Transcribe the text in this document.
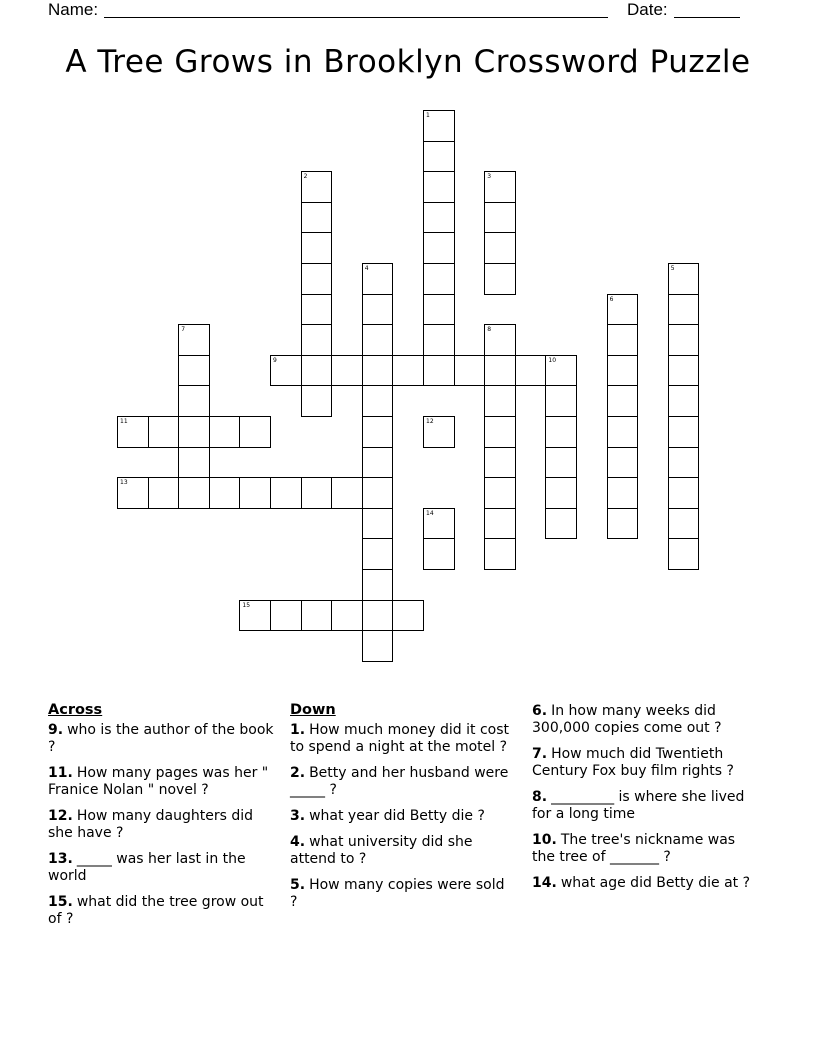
Name:	Date:
A Tree Grows in Brooklyn Crossword Puzzle
1
2	3
4	5
6
7	8
9	10
11	12
13
14
15
Across
9. who is the author of the book ?
11. How many pages was her " Franice Nolan " novel ?
12. How many daughters did she have ?
13. _____ was her last in the world
15. what did the tree grow out of ?
Down
1. How much money did it cost to spend a night at the motel ?
2. Betty and her husband were _____ ?
3. what year did Betty die ?
4. what university did she attend to ?
5. How many copies were sold ?
6. In how many weeks did 300,000 copies come out ?
7. How much did Twentieth Century Fox buy film rights ?
8. _________ is where she lived for a long time
10. The tree's nickname was the tree of _______ ?
14. what age did Betty die at ?
